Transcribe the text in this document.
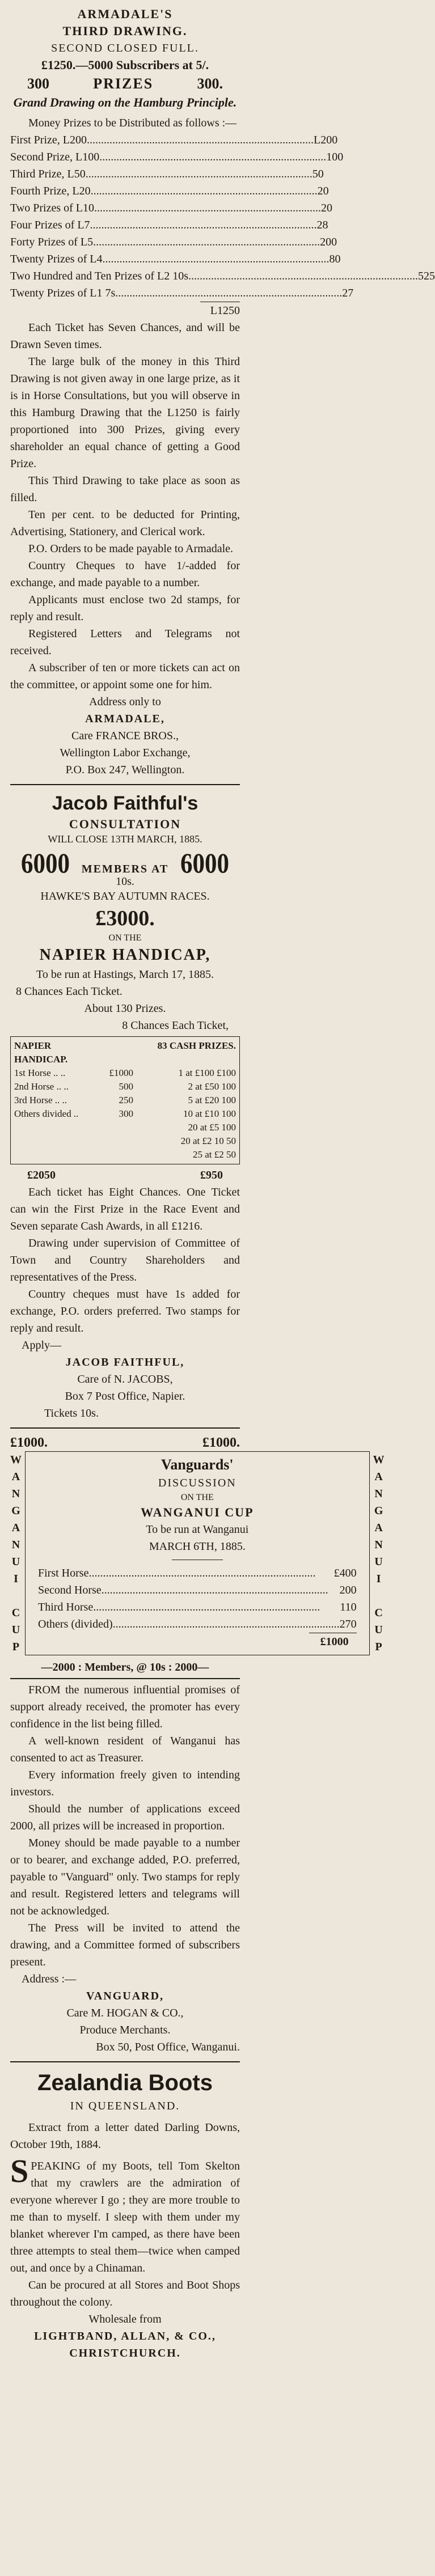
ARMADALE'S
THIRD DRAWING.
SECOND CLOSED FULL.
£1250.—5000 Subscribers at 5/.
300	PRIZES	300.
Grand Drawing on the Hamburg Principle.

Money Prizes to be Distributed as follows :—

First Prize, L200 .....	L200
Second Prize, L100 .....	100
Third Prize, L50 .....	50
Fourth Prize, L20 .....	20
Two Prizes of L10 .....	20
Four Prizes of L7 .....	28
Forty Prizes of L5 .....	200
Twenty Prizes of L4 .....	80
Two Hundred and Ten Prizes of L2 10s. .....	525
Twenty Prizes of L1 7s .....	27
L1250

Each Ticket has Seven Chances, and will be Drawn Seven times.

The large bulk of the money in this Third Drawing is not given away in one large prize, as it is in Horse Consultations, but you will observe in this Hamburg Drawing that the L1250 is fairly proportioned into 300 Prizes, giving every shareholder an equal chance of getting a Good Prize.

This Third Drawing to take place as soon as filled.

Ten per cent. to be deducted for Printing, Advertising, Stationery, and Clerical work.

P.O. Orders to be made payable to Armadale.

Country Cheques to have 1/-added for exchange, and made payable to a number.

Applicants must enclose two 2d stamps, for reply and result.

Registered Letters and Telegrams not received.

A subscriber of ten or more tickets can act on the committee, or appoint some one for him.

Address only to
ARMADALE,
Care FRANCE BROS.,
Wellington Labor Exchange,
P.O. Box 247, Wellington.
Jacob Faithful's
CONSULTATION
WILL CLOSE 13TH MARCH, 1885.
6000 MEMBERS AT
10s.
6000
HAWKE'S BAY AUTUMN RACES.
£3000.
ON THE
NAPIER HANDICAP,
To be run at Hastings, March 17, 1885.
8 Chances Each Ticket.
About 130 Prizes.
8 Chances Each Ticket,
NAPIER HANDICAP.
83 CASH PRIZES.
1st Horse .. ..	£1000	1 at £100 £100
2nd Horse .. ..	500	2 at £50 100
3rd Horse .. ..	250	5 at £20 100
Others divided ..	300	10 at £10 100
20 at £5 100
20 at £2 10 50
25 at £2 50
£2050	£950

Each ticket has Eight Chances. One Ticket can win the First Prize in the Race Event and Seven separate Cash Awards, in all £1216.

Drawing under supervision of Committee of Town and Country Shareholders and representatives of the Press.

Country cheques must have 1s added for exchange, P.O. orders preferred. Two stamps for reply and result.

Apply—
JACOB FAITHFUL,
Care of N. JACOBS,
Box 7 Post Office, Napier.
Tickets 10s.
£1000.	£1000.
W
A
N
G
A
N
U
I
C
U
P
Vanguards'
DISCUSSION
ON THE
WANGANUI CUP
To be run at Wanganui
MARCH 6TH, 1885.
First Horse .....	£400
Second Horse .....	200
Third Horse .....	110
Others (divided) .....	270
£1000
W
A
N
G
A
N
U
I
C
U
P
—2000 : Members, @ 10s : 2000—

FROM the numerous influential promises of support already received, the promoter has every confidence in the list being filled.

A well-known resident of Wanganui has consented to act as Treasurer.

Every information freely given to intending investors.

Should the number of applications exceed 2000, all prizes will be increased in proportion.

Money should be made payable to a number or to bearer, and exchange added, P.O. preferred, payable to "Vanguard" only. Two stamps for reply and result. Registered letters and telegrams will not be acknowledged.

The Press will be invited to attend the drawing, and a Committee formed of subscribers present.

Address :—
VANGUARD,
Care M. HOGAN & CO.,
Produce Merchants.
Box 50, Post Office, Wanganui.
Zealandia Boots
IN QUEENSLAND.

Extract from a letter dated Darling Downs, October 19th, 1884.

SPEAKING of my Boots, tell Tom Skelton that my crawlers are the admiration of everyone wherever I go ; they are more trouble to me than to myself. I sleep with them under my blanket wherever I'm camped, as there have been three attempts to steal them—twice when camped out, and once by a Chinaman.

Can be procured at all Stores and Boot Shops throughout the colony.

Wholesale from
LIGHTBAND, ALLAN, & CO.,
CHRISTCHURCH.
